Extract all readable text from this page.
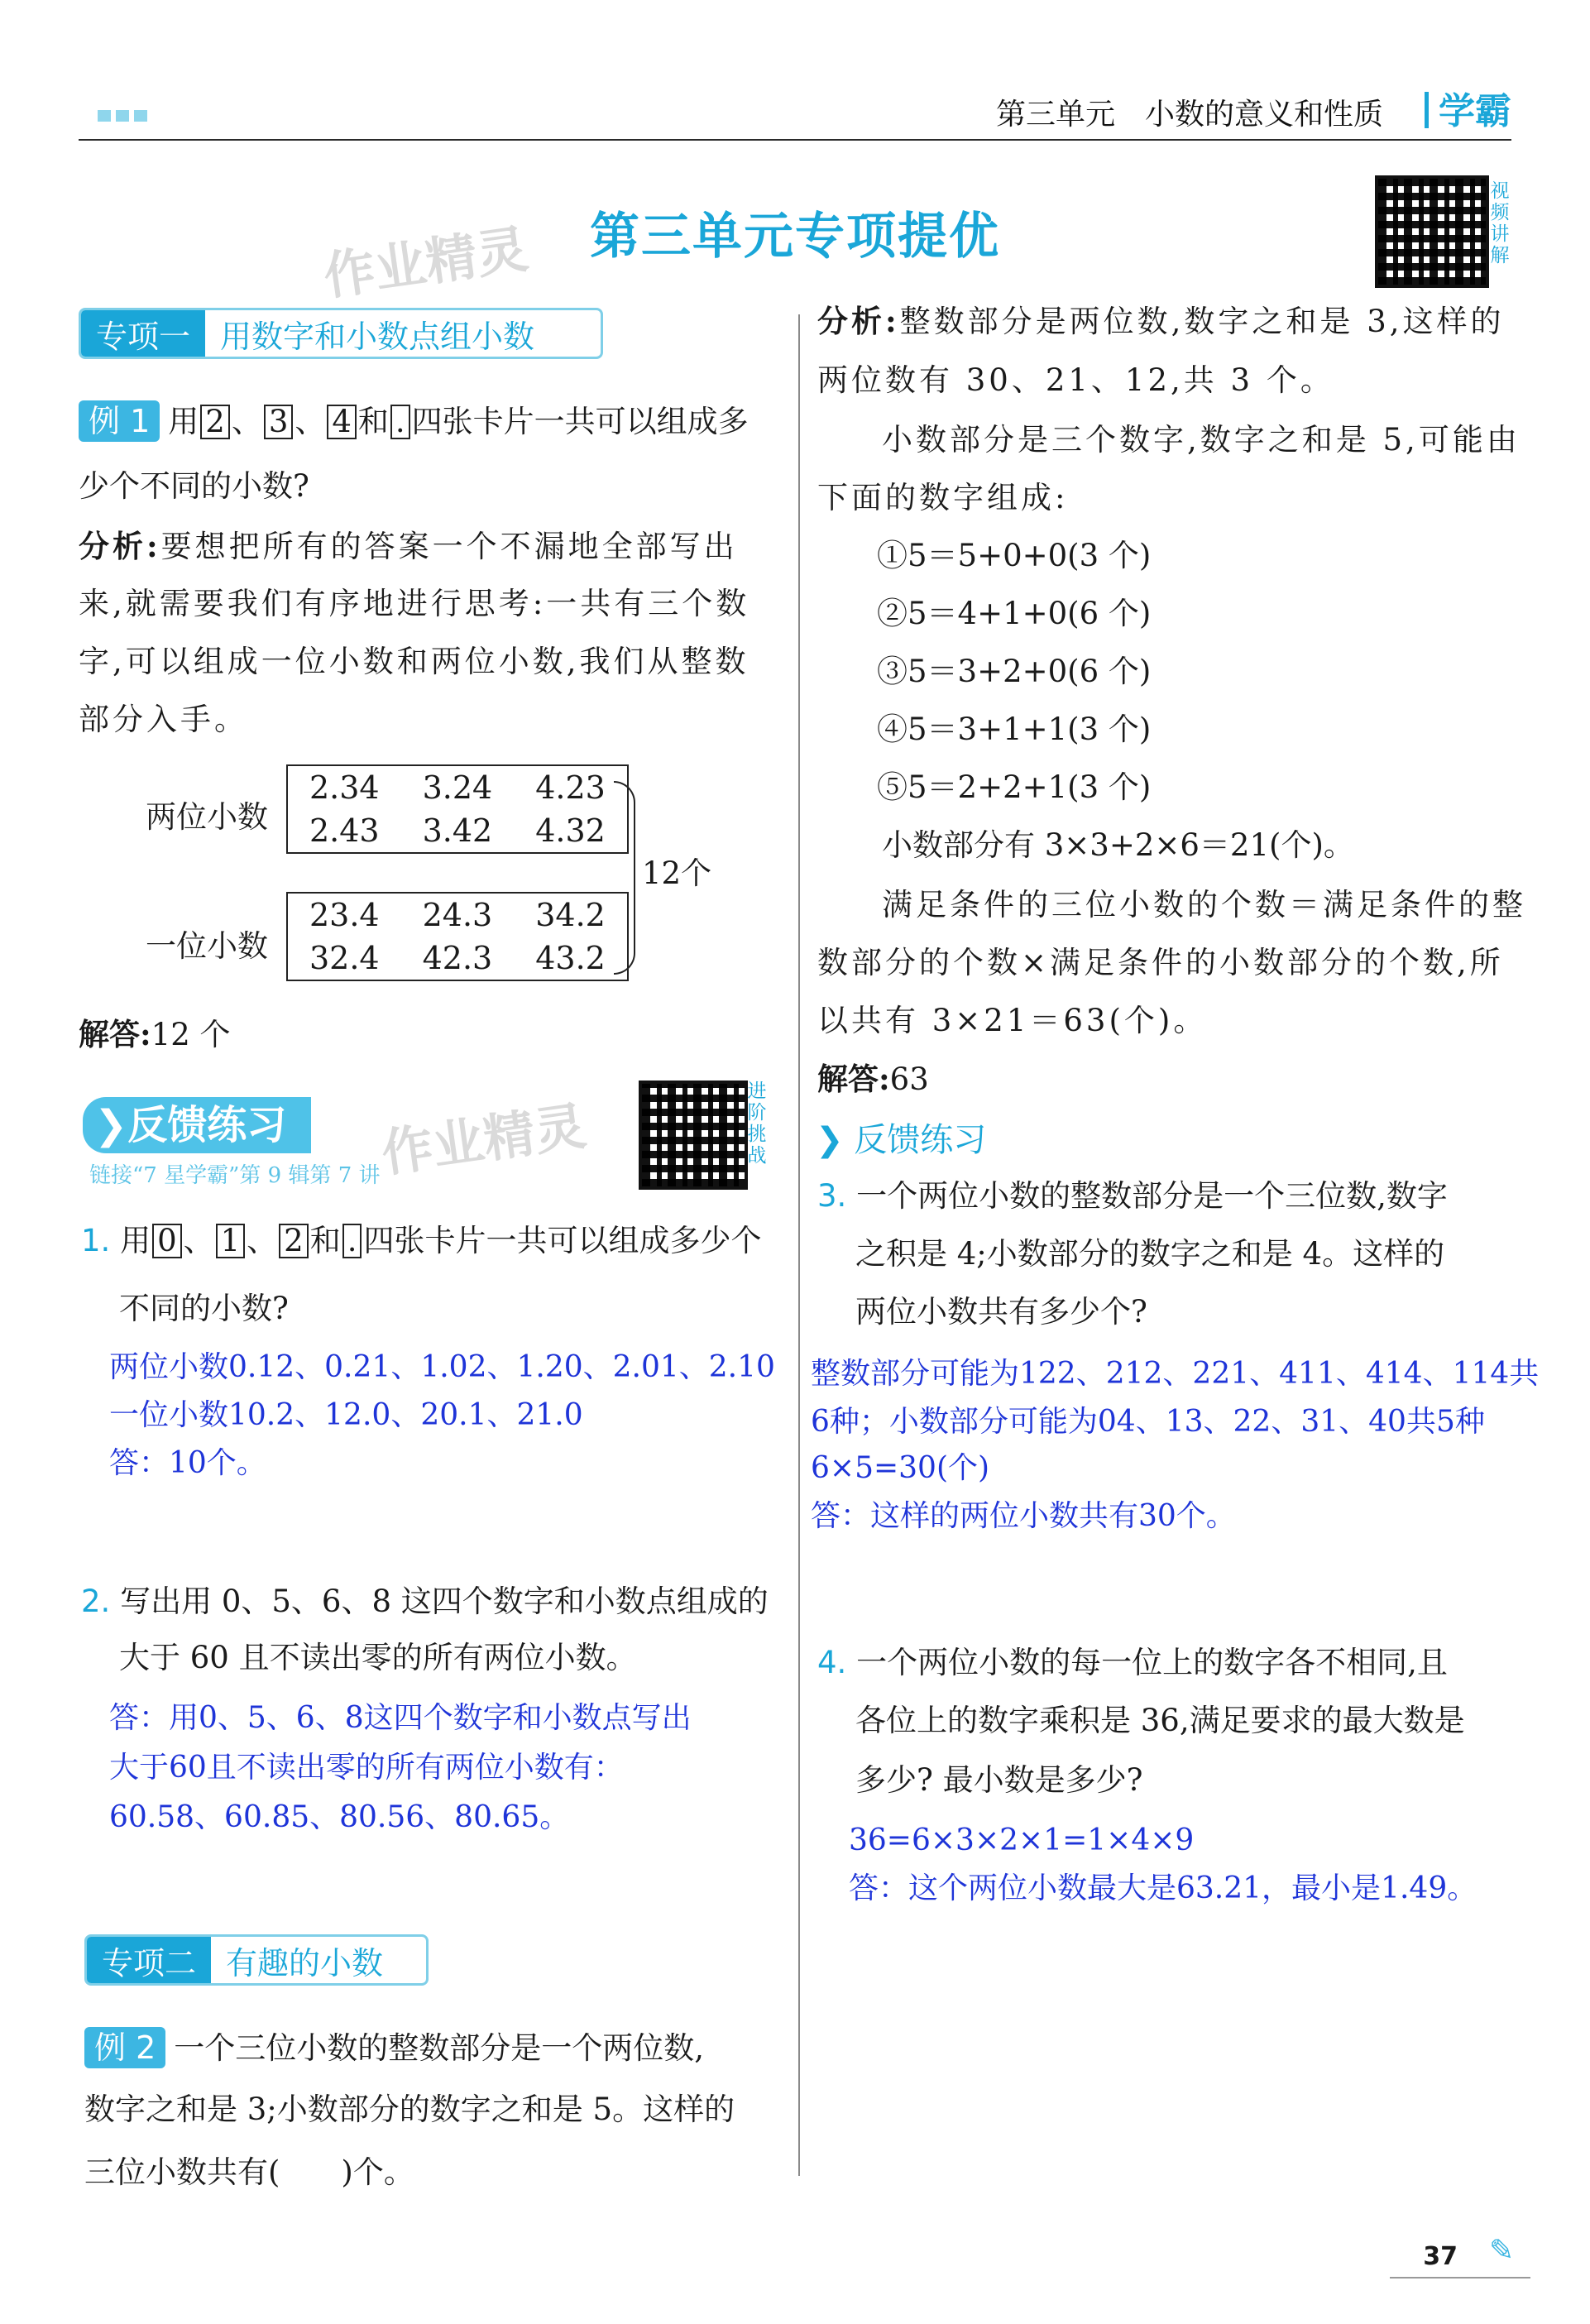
第三单元　小数的意义和性质	学霸
第三单元专项提优
作业精灵
作业精灵
视
频
讲
解
专项一 用数字和小数点组小数
例 1 用 2 、 3 、 4 和 . 四张卡片一共可以组成多
少个不同的小数?
分析:要想把所有的答案一个不漏地全部写出
来,就需要我们有序地进行思考:一共有三个数
字,可以组成一位小数和两位小数,我们从整数
部分入手。
两位小数
2.34	3.24	4.23
2.43	3.42	4.32
一位小数
23.4	24.3	34.2
32.4	42.3	43.2
12个
解答:12 个
❯反馈练习
链接“7 星学霸”第 9 辑第 7 讲
进
阶
挑
战
1. 用 0 、 1 、 2 和 . 四张卡片一共可以组成多少个
不同的小数?
两位小数0.12、0.21、1.02、1.20、2.01、2.10
一位小数10.2、12.0、20.1、21.0
答：10个。
2. 写出用 0、5、6、8 这四个数字和小数点组成的
大于 60 且不读出零的所有两位小数。
答：用0、5、6、8这四个数字和小数点写出
大于60且不读出零的所有两位小数有：
60.58、60.85、80.56、80.65。
专项二 有趣的小数
例 2 一个三位小数的整数部分是一个两位数,
数字之和是 3;小数部分的数字之和是 5。这样的
三位小数共有(　　)个。
分析:整数部分是两位数,数字之和是 3,这样的
两位数有 30、21、12,共 3 个。
小数部分是三个数字,数字之和是 5,可能由
下面的数字组成:
①5＝5+0+0(3 个)
②5＝4+1+0(6 个)
③5＝3+2+0(6 个)
④5＝3+1+1(3 个)
⑤5＝2+2+1(3 个)
小数部分有 3×3+2×6＝21(个)。
满足条件的三位小数的个数＝满足条件的整
数部分的个数×满足条件的小数部分的个数,所
以共有 3×21＝63(个)。
解答:63
❯ 反馈练习
3. 一个两位小数的整数部分是一个三位数,数字
之积是 4;小数部分的数字之和是 4。这样的
两位小数共有多少个?
整数部分可能为122、212、221、411、414、114共
6种；小数部分可能为04、13、22、31、40共5种
6×5=30(个)
答：这样的两位小数共有30个。
4. 一个两位小数的每一位上的数字各不相同,且
各位上的数字乘积是 36,满足要求的最大数是
多少? 最小数是多少?
36=6×3×2×1=1×4×9
答：这个两位小数最大是63.21，最小是1.49。
37 ✎
